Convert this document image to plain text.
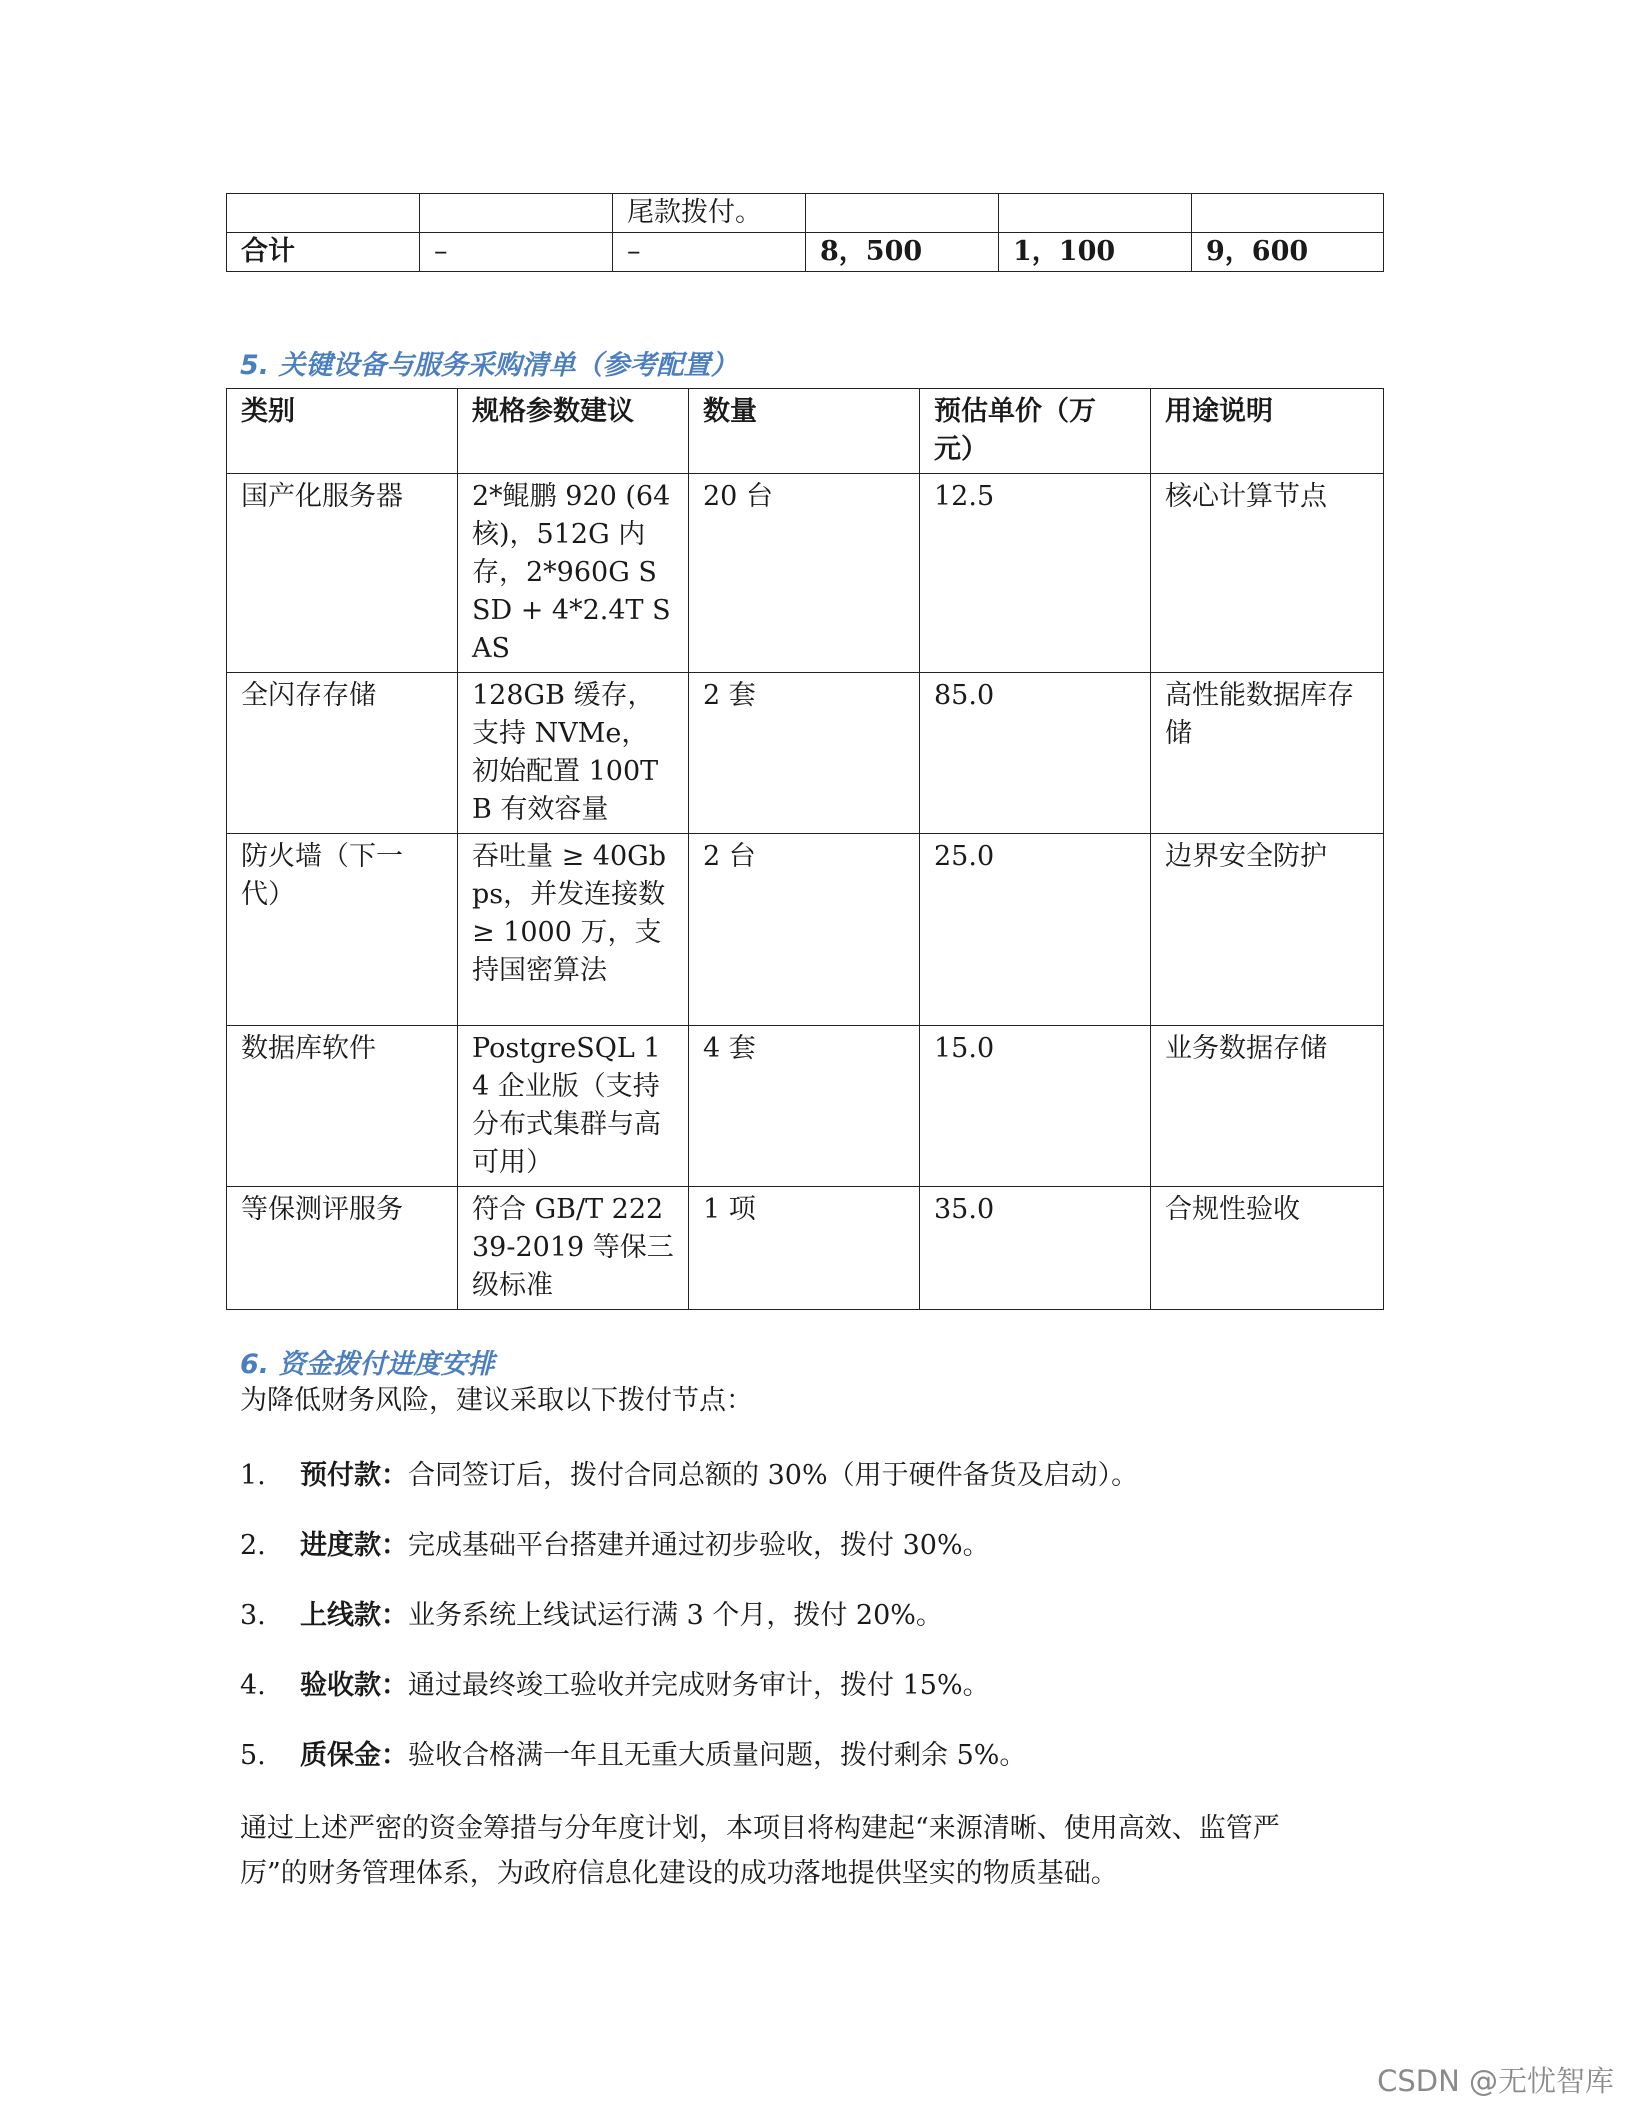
		尾款拨付。			
合计	–	–	8，500	1，100	9，600
5. 关键设备与服务采购清单（参考配置）
类别	规格参数建议	数量	预估单价（万元）	用途说明
国产化服务器	2*鲲鹏 920 (64核)，512G 内存，2*960G SSD + 4*2.4T SAS	20 台	12.5	核心计算节点
全闪存存储	128GB 缓存，支持 NVMe，初始配置 100TB 有效容量	2 套	85.0	高性能数据库存储
防火墙（下一代）	吞吐量 ≥ 40Gbps，并发连接数 ≥ 1000 万，支持国密算法	2 台	25.0	边界安全防护
数据库软件	PostgreSQL 14 企业版（支持分布式集群与高可用）	4 套	15.0	业务数据存储
等保测评服务	符合 GB/T 22239-2019 等保三级标准	1 项	35.0	合规性验收
6. 资金拨付进度安排
为降低财务风险，建议采取以下拨付节点：
1. 预付款：合同签订后，拨付合同总额的 30%（用于硬件备货及启动）。
2. 进度款：完成基础平台搭建并通过初步验收，拨付 30%。
3. 上线款：业务系统上线试运行满 3 个月，拨付 20%。
4. 验收款：通过最终竣工验收并完成财务审计，拨付 15%。
5. 质保金：验收合格满一年且无重大质量问题，拨付剩余 5%。
通过上述严密的资金筹措与分年度计划，本项目将构建起“来源清晰、使用高效、监管严
厉”的财务管理体系，为政府信息化建设的成功落地提供坚实的物质基础。
CSDN @无忧智库
